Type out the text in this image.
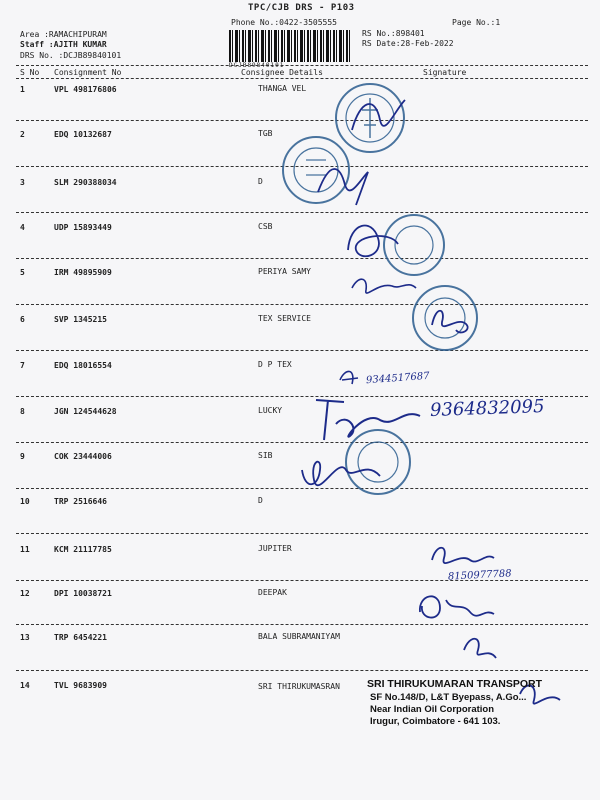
TPC/CJB DRS - P103
Phone No.:0422-3505555	Page No.:1
Area :RAMACHIPURAM
Staff :AJITH KUMAR
DRS No. :DCJB89840101
RS No.:898401
RS Date:28-Feb-2022
DCJB89840101
S No Consignment No	Consignee Details	Signature
1	VPL 498176806	THANGA VEL
2	EDQ 10132687	TGB
3	SLM 290388034	D
4	UDP 15893449	CSB
5	IRM 49895909	PERIYA SAMY
6	SVP 1345215	TEX SERVICE
7	EDQ 18016554	D P TEX
8	JGN 124544628	LUCKY
9	COK 23444006	SIB
10	TRP 2516646	D
11	KCM 21117785	JUPITER
12	DPI 10038721	DEEPAK
13	TRP 6454221	BALA SUBRAMANIYAM
14	TVL 9683909	SRI THIRUKUMASRAN
9344517687
9364832095
8150977788
SRI THIRUKUMARAN TRANSPORT
SF No.148/D, L&T Byepass, A.Go...
Near Indian Oil Corporation
Irugur, Coimbatore - 641 103.
